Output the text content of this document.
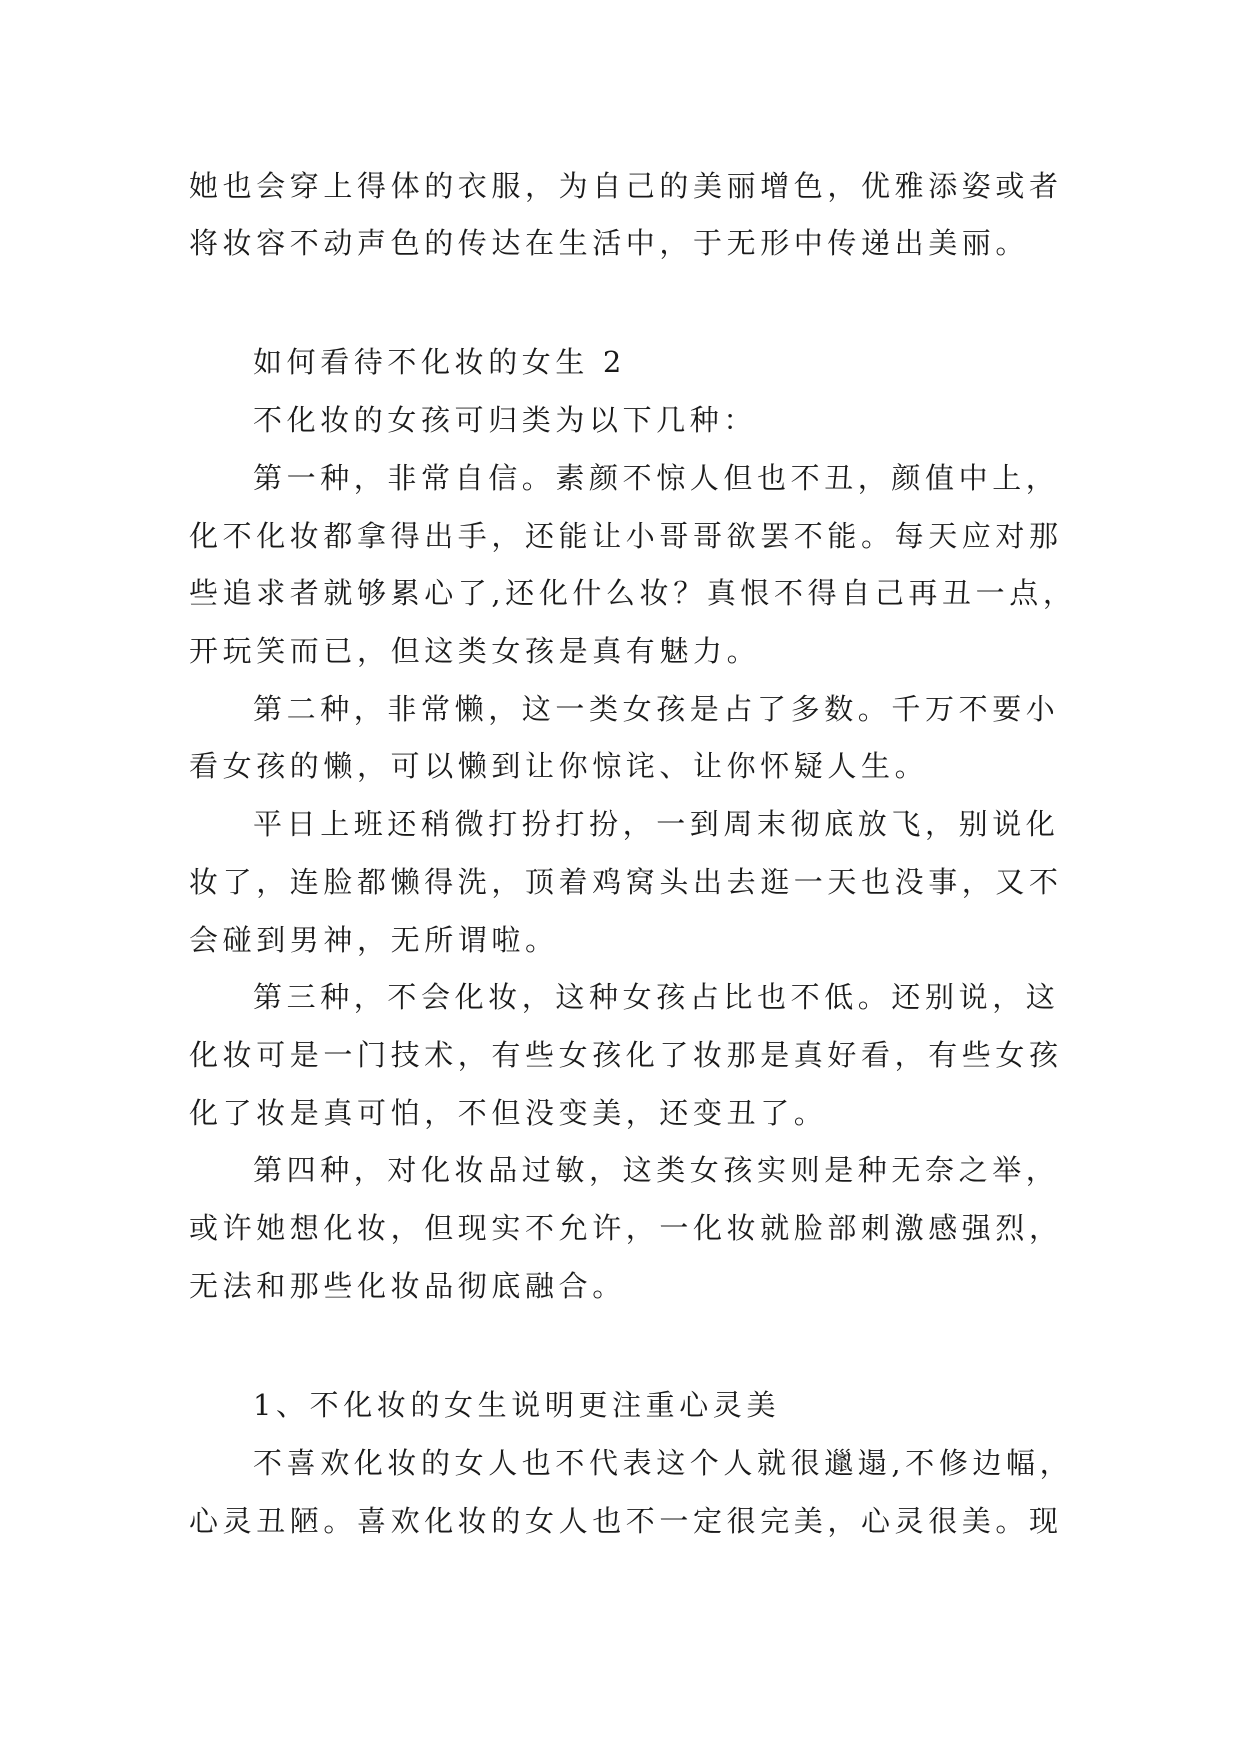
她也会穿上得体的衣服，为自己的美丽增色，优雅添姿或者

将妆容不动声色的传达在生活中，于无形中传递出美丽。

如何看待不化妆的女生 2

不化妆的女孩可归类为以下几种：

第一种，非常自信。素颜不惊人但也不丑，颜值中上，

化不化妆都拿得出手，还能让小哥哥欲罢不能。每天应对那

些追求者就够累心了,还化什么妆？真恨不得自己再丑一点，

开玩笑而已，但这类女孩是真有魅力。

第二种，非常懒，这一类女孩是占了多数。千万不要小

看女孩的懒，可以懒到让你惊诧、让你怀疑人生。

平日上班还稍微打扮打扮，一到周末彻底放飞，别说化

妆了，连脸都懒得洗，顶着鸡窝头出去逛一天也没事，又不

会碰到男神，无所谓啦。

第三种，不会化妆，这种女孩占比也不低。还别说，这

化妆可是一门技术，有些女孩化了妆那是真好看，有些女孩

化了妆是真可怕，不但没变美，还变丑了。

第四种，对化妆品过敏，这类女孩实则是种无奈之举，

或许她想化妆，但现实不允许，一化妆就脸部刺激感强烈，

无法和那些化妆品彻底融合。

1、不化妆的女生说明更注重心灵美

不喜欢化妆的女人也不代表这个人就很邋遢,不修边幅，

心灵丑陋。喜欢化妆的女人也不一定很完美，心灵很美。现
